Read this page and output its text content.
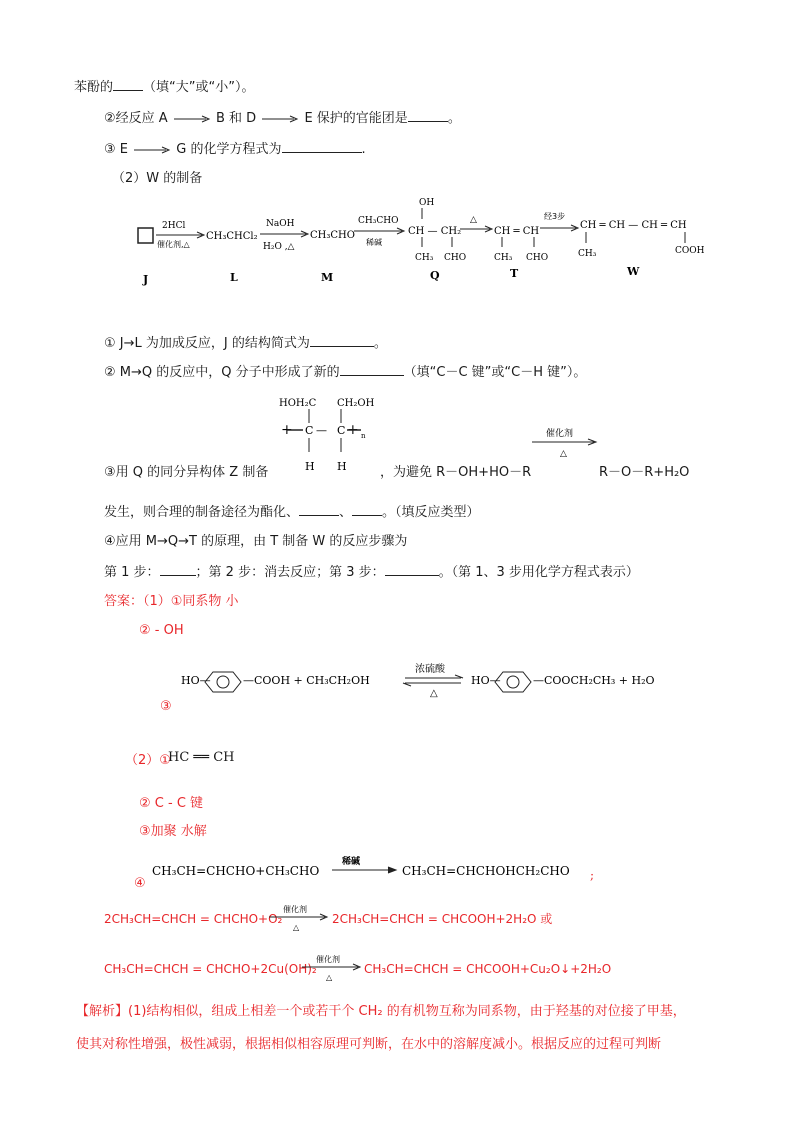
苯酚的 （填“大”或“小”）。
②经反应 A	B 和 D	E 保护的官能团是	。
③ E	G 的化学方程式为	.
（2）W 的制备
2HCl
催化剂,△
CH₃CHCl₂
NaOH
H₂O ,△
CH₃CHO
CH₃CHO
稀碱
OH
CH — CH₂
CH₃ CHO
△
CH ═ CH
CH₃ CHO
经3步
CH ═ CH — CH ═ CH
CH₃	COOH
J	L	M	Q	T	W
① J→L 为加成反应，J 的结构简式为	。
② M→Q 的反应中，Q 分子中形成了新的	（填“C－C 键”或“C－H 键”）。
HOH₂C CH₂OH
+ C — C + n
H H
③用 Q 的同分异构体 Z 制备	，为避免 R－OH+HO－R
催化剂
△
R－O－R+H₂O
发生，则合理的制备途径为酯化、	、 。（填反应类型）
④应用 M→Q→T 的原理，由 T 制备 W 的反应步骤为
第 1 步：	；第 2 步：消去反应；第 3 步：	。（第 1、3 步用化学方程式表示）
答案：（1）①同系物 小
② - OH
HO—	—COOH + CH₃CH₂OH
浓硫酸
△
HO—	—COOCH₂CH₃ + H₂O
③
（2）①
HC ══ CH
② C - C 键
③加聚 水解
CH₃CH=CHCHO+CH₃CHO
稀碱
CH₃CH=CHCHOHCH₂CHO ;
④
2CH₃CH=CHCH = CHCHO+O₂
催化剂
△
2CH₃CH=CHCH = CHCOOH+2H₂O 或
CH₃CH=CHCH = CHCHO+2Cu(OH)₂
催化剂
△
CH₃CH=CHCH = CHCOOH+Cu₂O↓+2H₂O
【解析】(1)结构相似，组成上相差一个或若干个 CH₂ 的有机物互称为同系物，由于羟基的对位接了甲基，
使其对称性增强，极性减弱，根据相似相容原理可判断，在水中的溶解度减小。根据反应的过程可判断
